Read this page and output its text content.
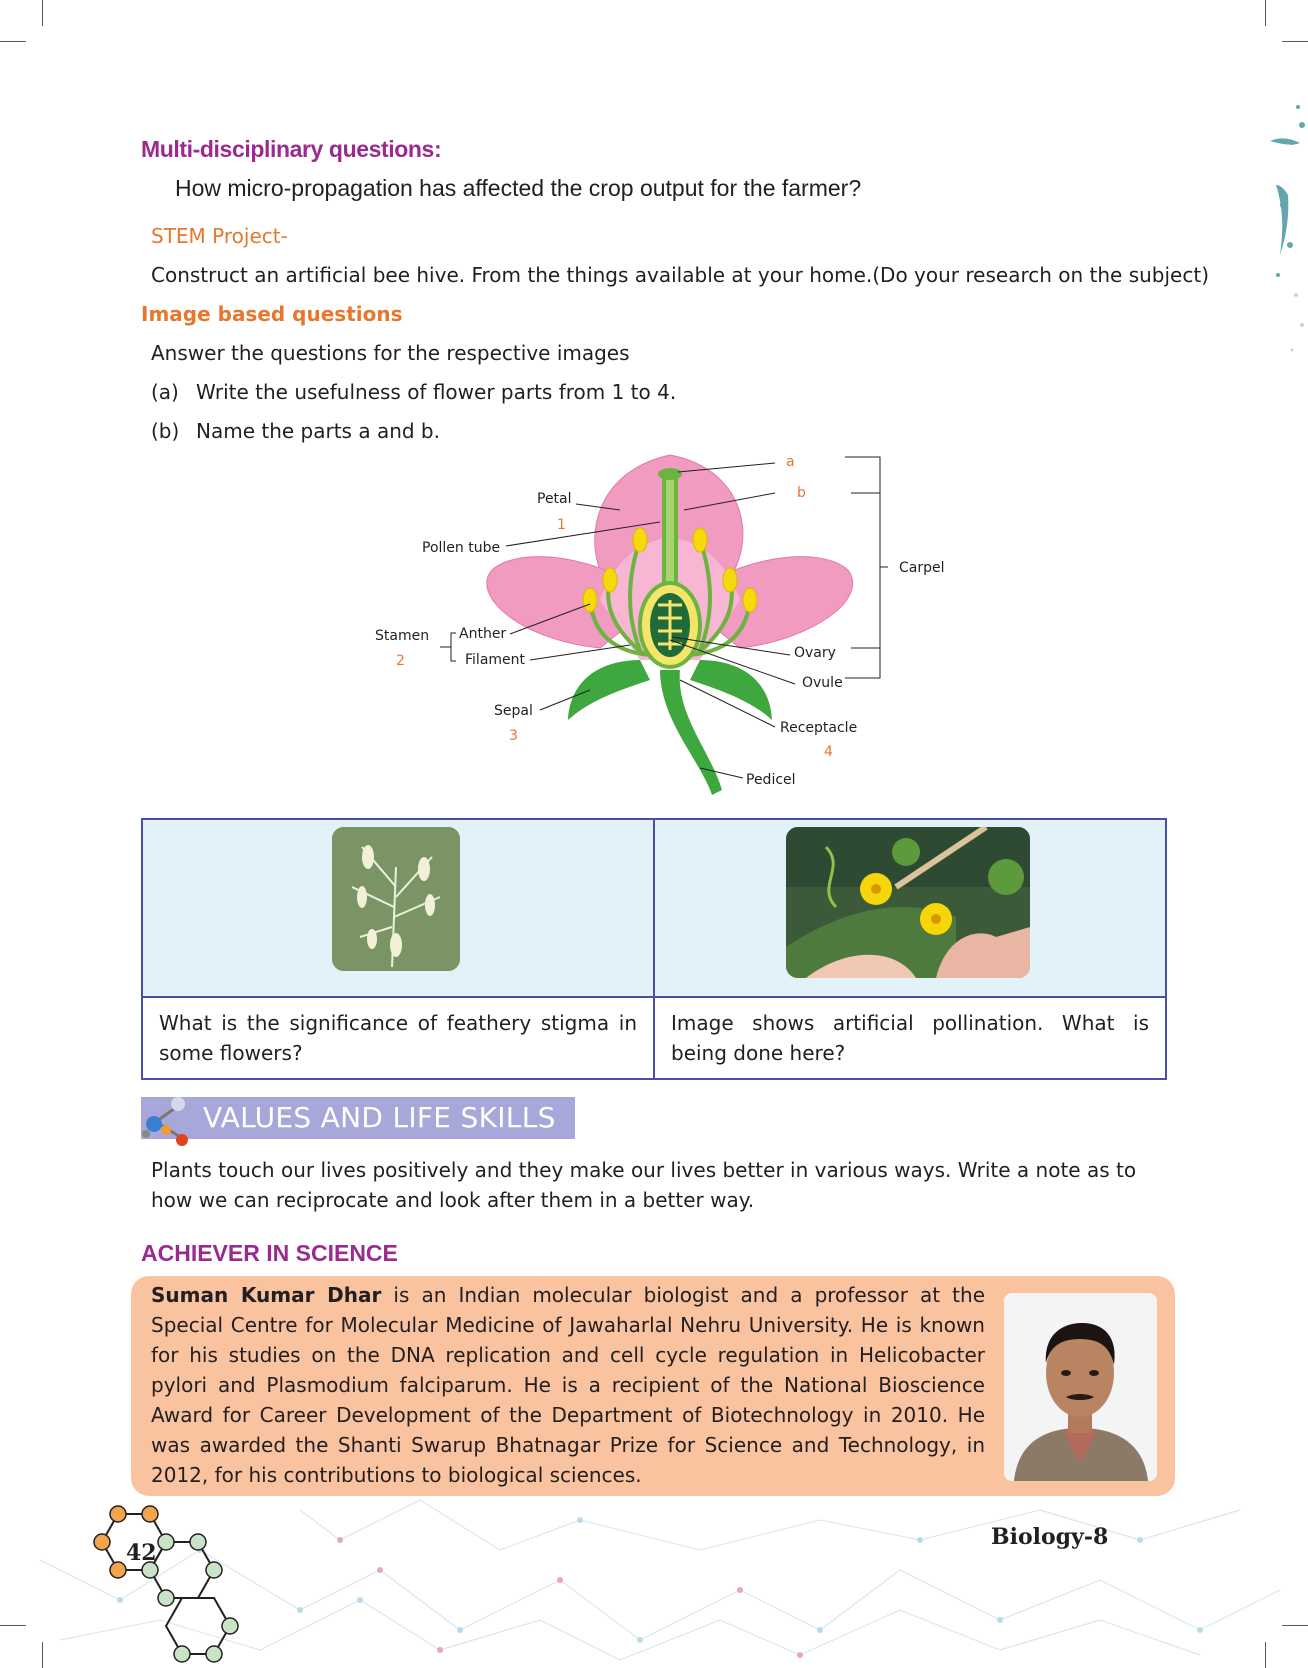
Multi-disciplinary questions:
How micro-propagation has affected the crop output for the farmer?
STEM Project-
Construct an artificial bee hive. From the things available at your home.(Do your research on the subject)
Image based questions
Answer the questions for the respective images
(a) Write the usefulness of flower parts from 1 to 4.
(b) Name the parts a and b.
a
b
Petal
1
Pollen tube
Carpel
Stamen
2
Anther
Filament	Ovary
Ovule
Sepal
3	Receptacle
4
Pedicel

What is the significance of feathery stigma in some flowers?	Image shows artificial pollination. What is being done here?
VALUES AND LIFE SKILLS
Plants touch our lives positively and they make our lives better in various ways. Write a note as to how we can reciprocate and look after them in a better way.
ACHIEVER IN SCIENCE
Suman Kumar Dhar is an Indian molecular biologist and a professor at the Special Centre for Molecular Medicine of Jawaharlal Nehru University. He is known for his studies on the DNA replication and cell cycle regulation in Helicobacter pylori and Plasmodium falciparum. He is a recipient of the National Bioscience Award for Career Development of the Department of Biotechnology in 2010. He was awarded the Shanti Swarup Bhatnagar Prize for Science and Technology, in 2012, for his contributions to biological sciences.
42
Biology-8
